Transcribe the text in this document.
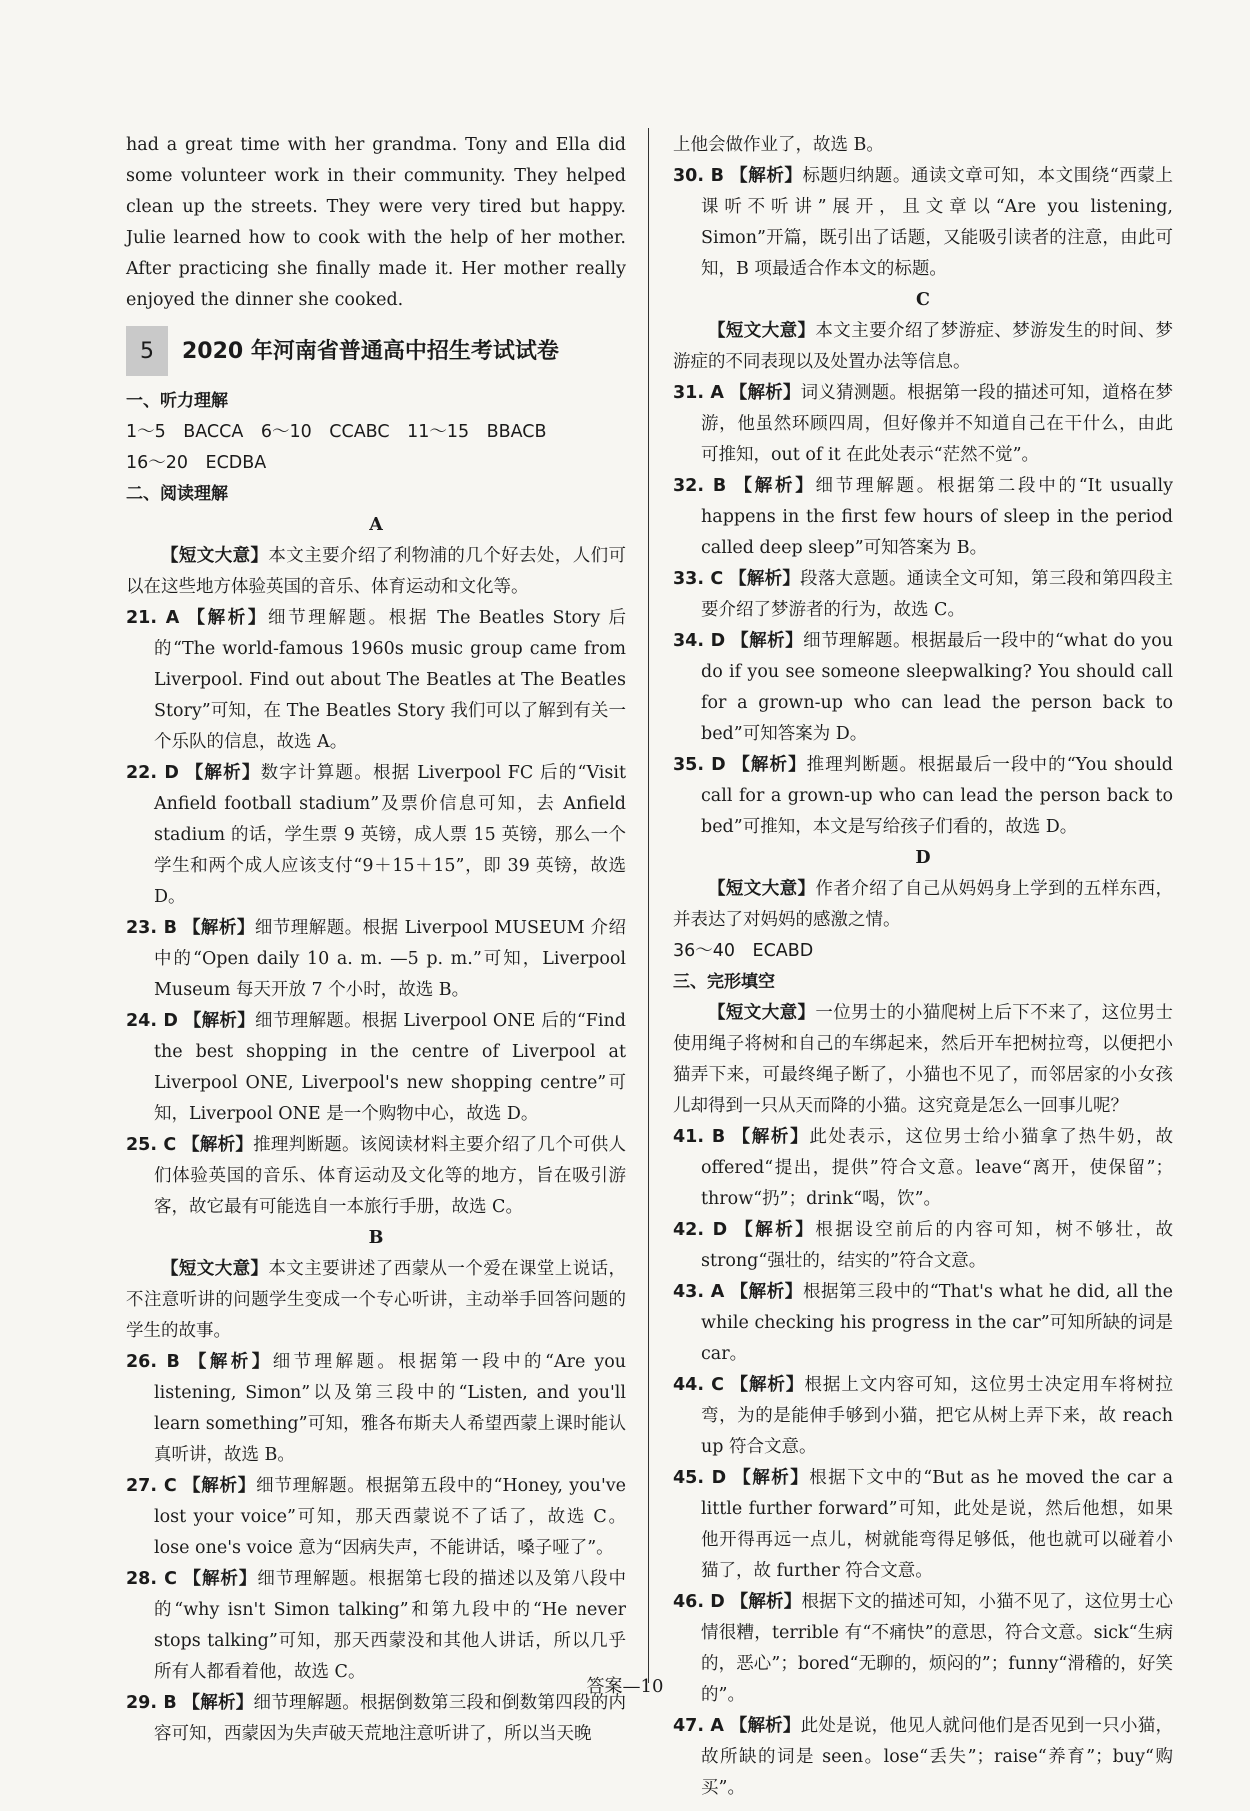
had a great time with her grandma. Tony and Ella did some volunteer work in their community. They helped clean up the streets. They were very tired but happy. Julie learned how to cook with the help of her mother. After practicing she finally made it. Her mother really enjoyed the dinner she cooked.

5	2020 年河南省普通高中招生考试试卷

一、听力理解

1～5　BACCA　6～10　CCABC　11～15　BBACB

16～20　ECDBA

二、阅读理解

A

【短文大意】本文主要介绍了利物浦的几个好去处，人们可以在这些地方体验英国的音乐、体育运动和文化等。

21. A 【解析】细节理解题。根据 The Beatles Story 后的“The world-famous 1960s music group came from Liverpool. Find out about The Beatles at The Beatles Story”可知，在 The Beatles Story 我们可以了解到有关一个乐队的信息，故选 A。

22. D 【解析】数字计算题。根据 Liverpool FC 后的“Visit Anfield football stadium”及票价信息可知，去 Anfield stadium 的话，学生票 9 英镑，成人票 15 英镑，那么一个学生和两个成人应该支付“9＋15＋15”，即 39 英镑，故选 D。

23. B 【解析】细节理解题。根据 Liverpool MUSEUM 介绍中的“Open daily 10 a. m. —5 p. m.”可知，Liverpool Museum 每天开放 7 个小时，故选 B。

24. D 【解析】细节理解题。根据 Liverpool ONE 后的“Find the best shopping in the centre of Liverpool at Liverpool ONE, Liverpool's new shopping centre”可知，Liverpool ONE 是一个购物中心，故选 D。

25. C 【解析】推理判断题。该阅读材料主要介绍了几个可供人们体验英国的音乐、体育运动及文化等的地方，旨在吸引游客，故它最有可能选自一本旅行手册，故选 C。

B

【短文大意】本文主要讲述了西蒙从一个爱在课堂上说话，不注意听讲的问题学生变成一个专心听讲，主动举手回答问题的学生的故事。

26. B 【解析】细节理解题。根据第一段中的“Are you listening, Simon”以及第三段中的“Listen, and you'll learn something”可知，雅各布斯夫人希望西蒙上课时能认真听讲，故选 B。

27. C 【解析】细节理解题。根据第五段中的“Honey, you've lost your voice”可知，那天西蒙说不了话了，故选 C。lose one's voice 意为“因病失声，不能讲话，嗓子哑了”。

28. C 【解析】细节理解题。根据第七段的描述以及第八段中的“why isn't Simon talking”和第九段中的“He never stops talking”可知，那天西蒙没和其他人讲话，所以几乎所有人都看着他，故选 C。

29. B 【解析】细节理解题。根据倒数第三段和倒数第四段的内容可知，西蒙因为失声破天荒地注意听讲了，所以当天晚

上他会做作业了，故选 B。

30. B 【解析】标题归纳题。通读文章可知，本文围绕“西蒙上课听不听讲”展开，且文章以“Are you listening, Simon”开篇，既引出了话题，又能吸引读者的注意，由此可知，B 项最适合作本文的标题。

C

【短文大意】本文主要介绍了梦游症、梦游发生的时间、梦游症的不同表现以及处置办法等信息。

31. A 【解析】词义猜测题。根据第一段的描述可知，道格在梦游，他虽然环顾四周，但好像并不知道自己在干什么，由此可推知，out of it 在此处表示“茫然不觉”。

32. B 【解析】细节理解题。根据第二段中的“It usually happens in the first few hours of sleep in the period called deep sleep”可知答案为 B。

33. C 【解析】段落大意题。通读全文可知，第三段和第四段主要介绍了梦游者的行为，故选 C。

34. D 【解析】细节理解题。根据最后一段中的“what do you do if you see someone sleepwalking? You should call for a grown-up who can lead the person back to bed”可知答案为 D。

35. D 【解析】推理判断题。根据最后一段中的“You should call for a grown-up who can lead the person back to bed”可推知，本文是写给孩子们看的，故选 D。

D

【短文大意】作者介绍了自己从妈妈身上学到的五样东西，并表达了对妈妈的感激之情。

36～40　ECABD

三、完形填空

【短文大意】一位男士的小猫爬树上后下不来了，这位男士使用绳子将树和自己的车绑起来，然后开车把树拉弯，以便把小猫弄下来，可最终绳子断了，小猫也不见了，而邻居家的小女孩儿却得到一只从天而降的小猫。这究竟是怎么一回事儿呢？

41. B 【解析】此处表示，这位男士给小猫拿了热牛奶，故 offered“提出，提供”符合文意。leave“离开，使保留”；throw“扔”；drink“喝，饮”。

42. D 【解析】根据设空前后的内容可知，树不够壮，故 strong“强壮的，结实的”符合文意。

43. A 【解析】根据第三段中的“That's what he did, all the while checking his progress in the car”可知所缺的词是 car。

44. C 【解析】根据上文内容可知，这位男士决定用车将树拉弯，为的是能伸手够到小猫，把它从树上弄下来，故 reach up 符合文意。

45. D 【解析】根据下文中的“But as he moved the car a little further forward”可知，此处是说，然后他想，如果他开得再远一点儿，树就能弯得足够低，他也就可以碰着小猫了，故 further 符合文意。

46. D 【解析】根据下文的描述可知，小猫不见了，这位男士心情很糟，terrible 有“不痛快”的意思，符合文意。sick“生病的，恶心”；bored“无聊的，烦闷的”；funny“滑稽的，好笑的”。

47. A 【解析】此处是说，他见人就问他们是否见到一只小猫，故所缺的词是 seen。lose“丢失”；raise“养育”；buy“购买”。

答案—10
